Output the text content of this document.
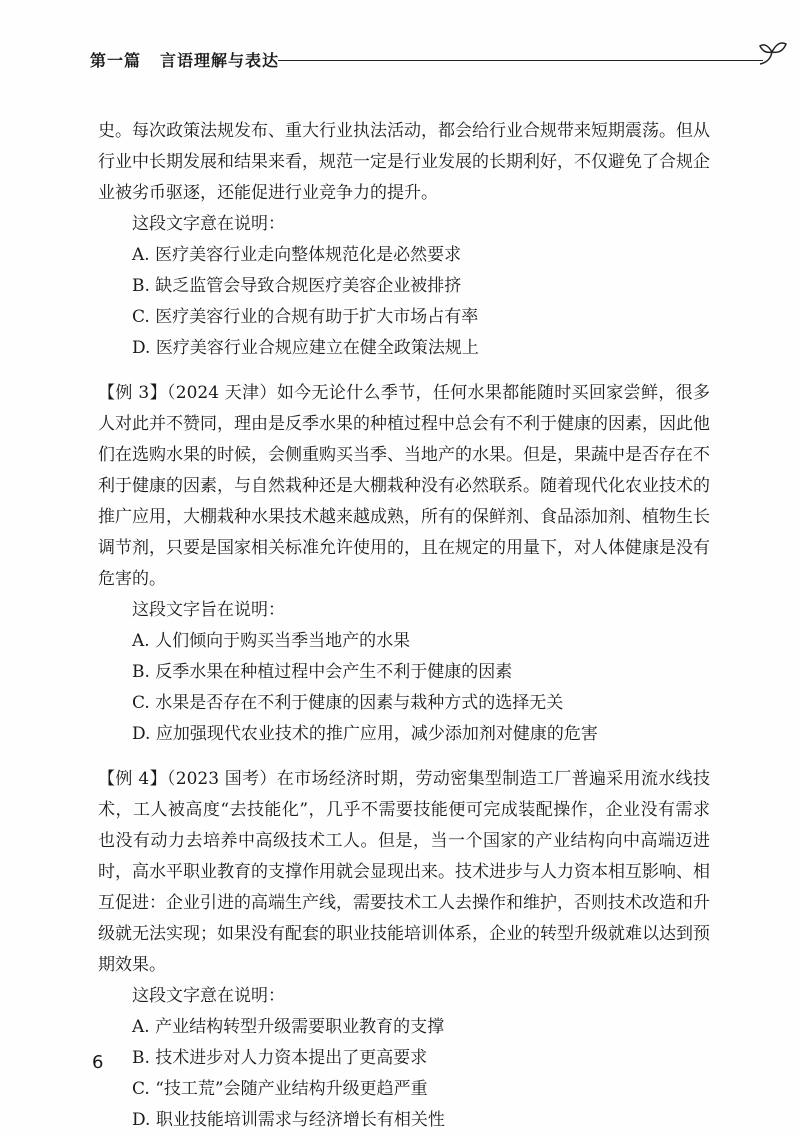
第一篇 言语理解与表达

史。每次政策法规发布、重大行业执法活动，都会给行业合规带来短期震荡。但从行业中长期发展和结果来看，规范一定是行业发展的长期利好，不仅避免了合规企业被劣币驱逐，还能促进行业竞争力的提升。

这段文字意在说明：

A. 医疗美容行业走向整体规范化是必然要求

B. 缺乏监管会导致合规医疗美容企业被排挤

C. 医疗美容行业的合规有助于扩大市场占有率

D. 医疗美容行业合规应建立在健全政策法规上

【例 3】（2024 天津）如今无论什么季节，任何水果都能随时买回家尝鲜，很多人对此并不赞同，理由是反季水果的种植过程中总会有不利于健康的因素，因此他们在选购水果的时候，会侧重购买当季、当地产的水果。但是，果蔬中是否存在不利于健康的因素，与自然栽种还是大棚栽种没有必然联系。随着现代化农业技术的推广应用，大棚栽种水果技术越来越成熟，所有的保鲜剂、食品添加剂、植物生长调节剂，只要是国家相关标准允许使用的，且在规定的用量下，对人体健康是没有危害的。

这段文字旨在说明：

A. 人们倾向于购买当季当地产的水果

B. 反季水果在种植过程中会产生不利于健康的因素

C. 水果是否存在不利于健康的因素与栽种方式的选择无关

D. 应加强现代农业技术的推广应用，减少添加剂对健康的危害

【例 4】（2023 国考）在市场经济时期，劳动密集型制造工厂普遍采用流水线技术，工人被高度“去技能化”，几乎不需要技能便可完成装配操作，企业没有需求也没有动力去培养中高级技术工人。但是，当一个国家的产业结构向中高端迈进时，高水平职业教育的支撑作用就会显现出来。技术进步与人力资本相互影响、相互促进：企业引进的高端生产线，需要技术工人去操作和维护，否则技术改造和升级就无法实现；如果没有配套的职业技能培训体系，企业的转型升级就难以达到预期效果。

这段文字意在说明：

A. 产业结构转型升级需要职业教育的支撑

B. 技术进步对人力资本提出了更高要求

C. “技工荒”会随产业结构升级更趋严重

D. 职业技能培训需求与经济增长有相关性

6
